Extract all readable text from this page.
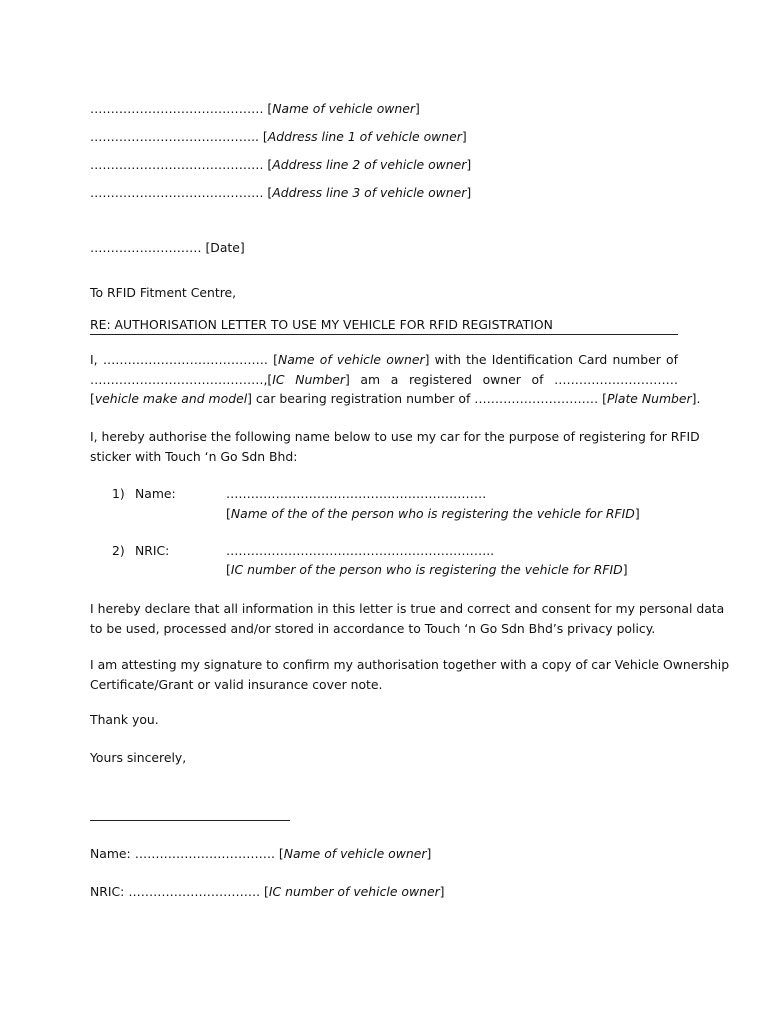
…………………………………… [Name of vehicle owner]
………………………………….. [Address line 1 of vehicle owner]
…………………………………… [Address line 2 of vehicle owner]
…………………………………… [Address line 3 of vehicle owner]
……………………… [Date]
To RFID Fitment Centre,
RE: AUTHORISATION LETTER TO USE MY VEHICLE FOR RFID REGISTRATION
I, …………………………………. [Name of vehicle owner] with the Identification Card number of
……………………………………,[IC Number] am a registered owner of …………………………
[vehicle make and model] car bearing registration number of ………………………… [Plate Number].
I, hereby authorise the following name below to use my car for the purpose of registering for RFID
sticker with Touch ‘n Go Sdn Bhd:
1) Name:	………………………………………………………
[Name of the of the person who is registering the vehicle for RFID]
2) NRIC:	………………………………………………………..
[IC number of the person who is registering the vehicle for RFID]
I hereby declare that all information in this letter is true and correct and consent for my personal data
to be used, processed and/or stored in accordance to Touch ‘n Go Sdn Bhd’s privacy policy.
I am attesting my signature to confirm my authorisation together with a copy of car Vehicle Ownership
Certificate/Grant or valid insurance cover note.
Thank you.
Yours sincerely,
Name: ……………………………. [Name of vehicle owner]
NRIC: ………………….………. [IC number of vehicle owner]
